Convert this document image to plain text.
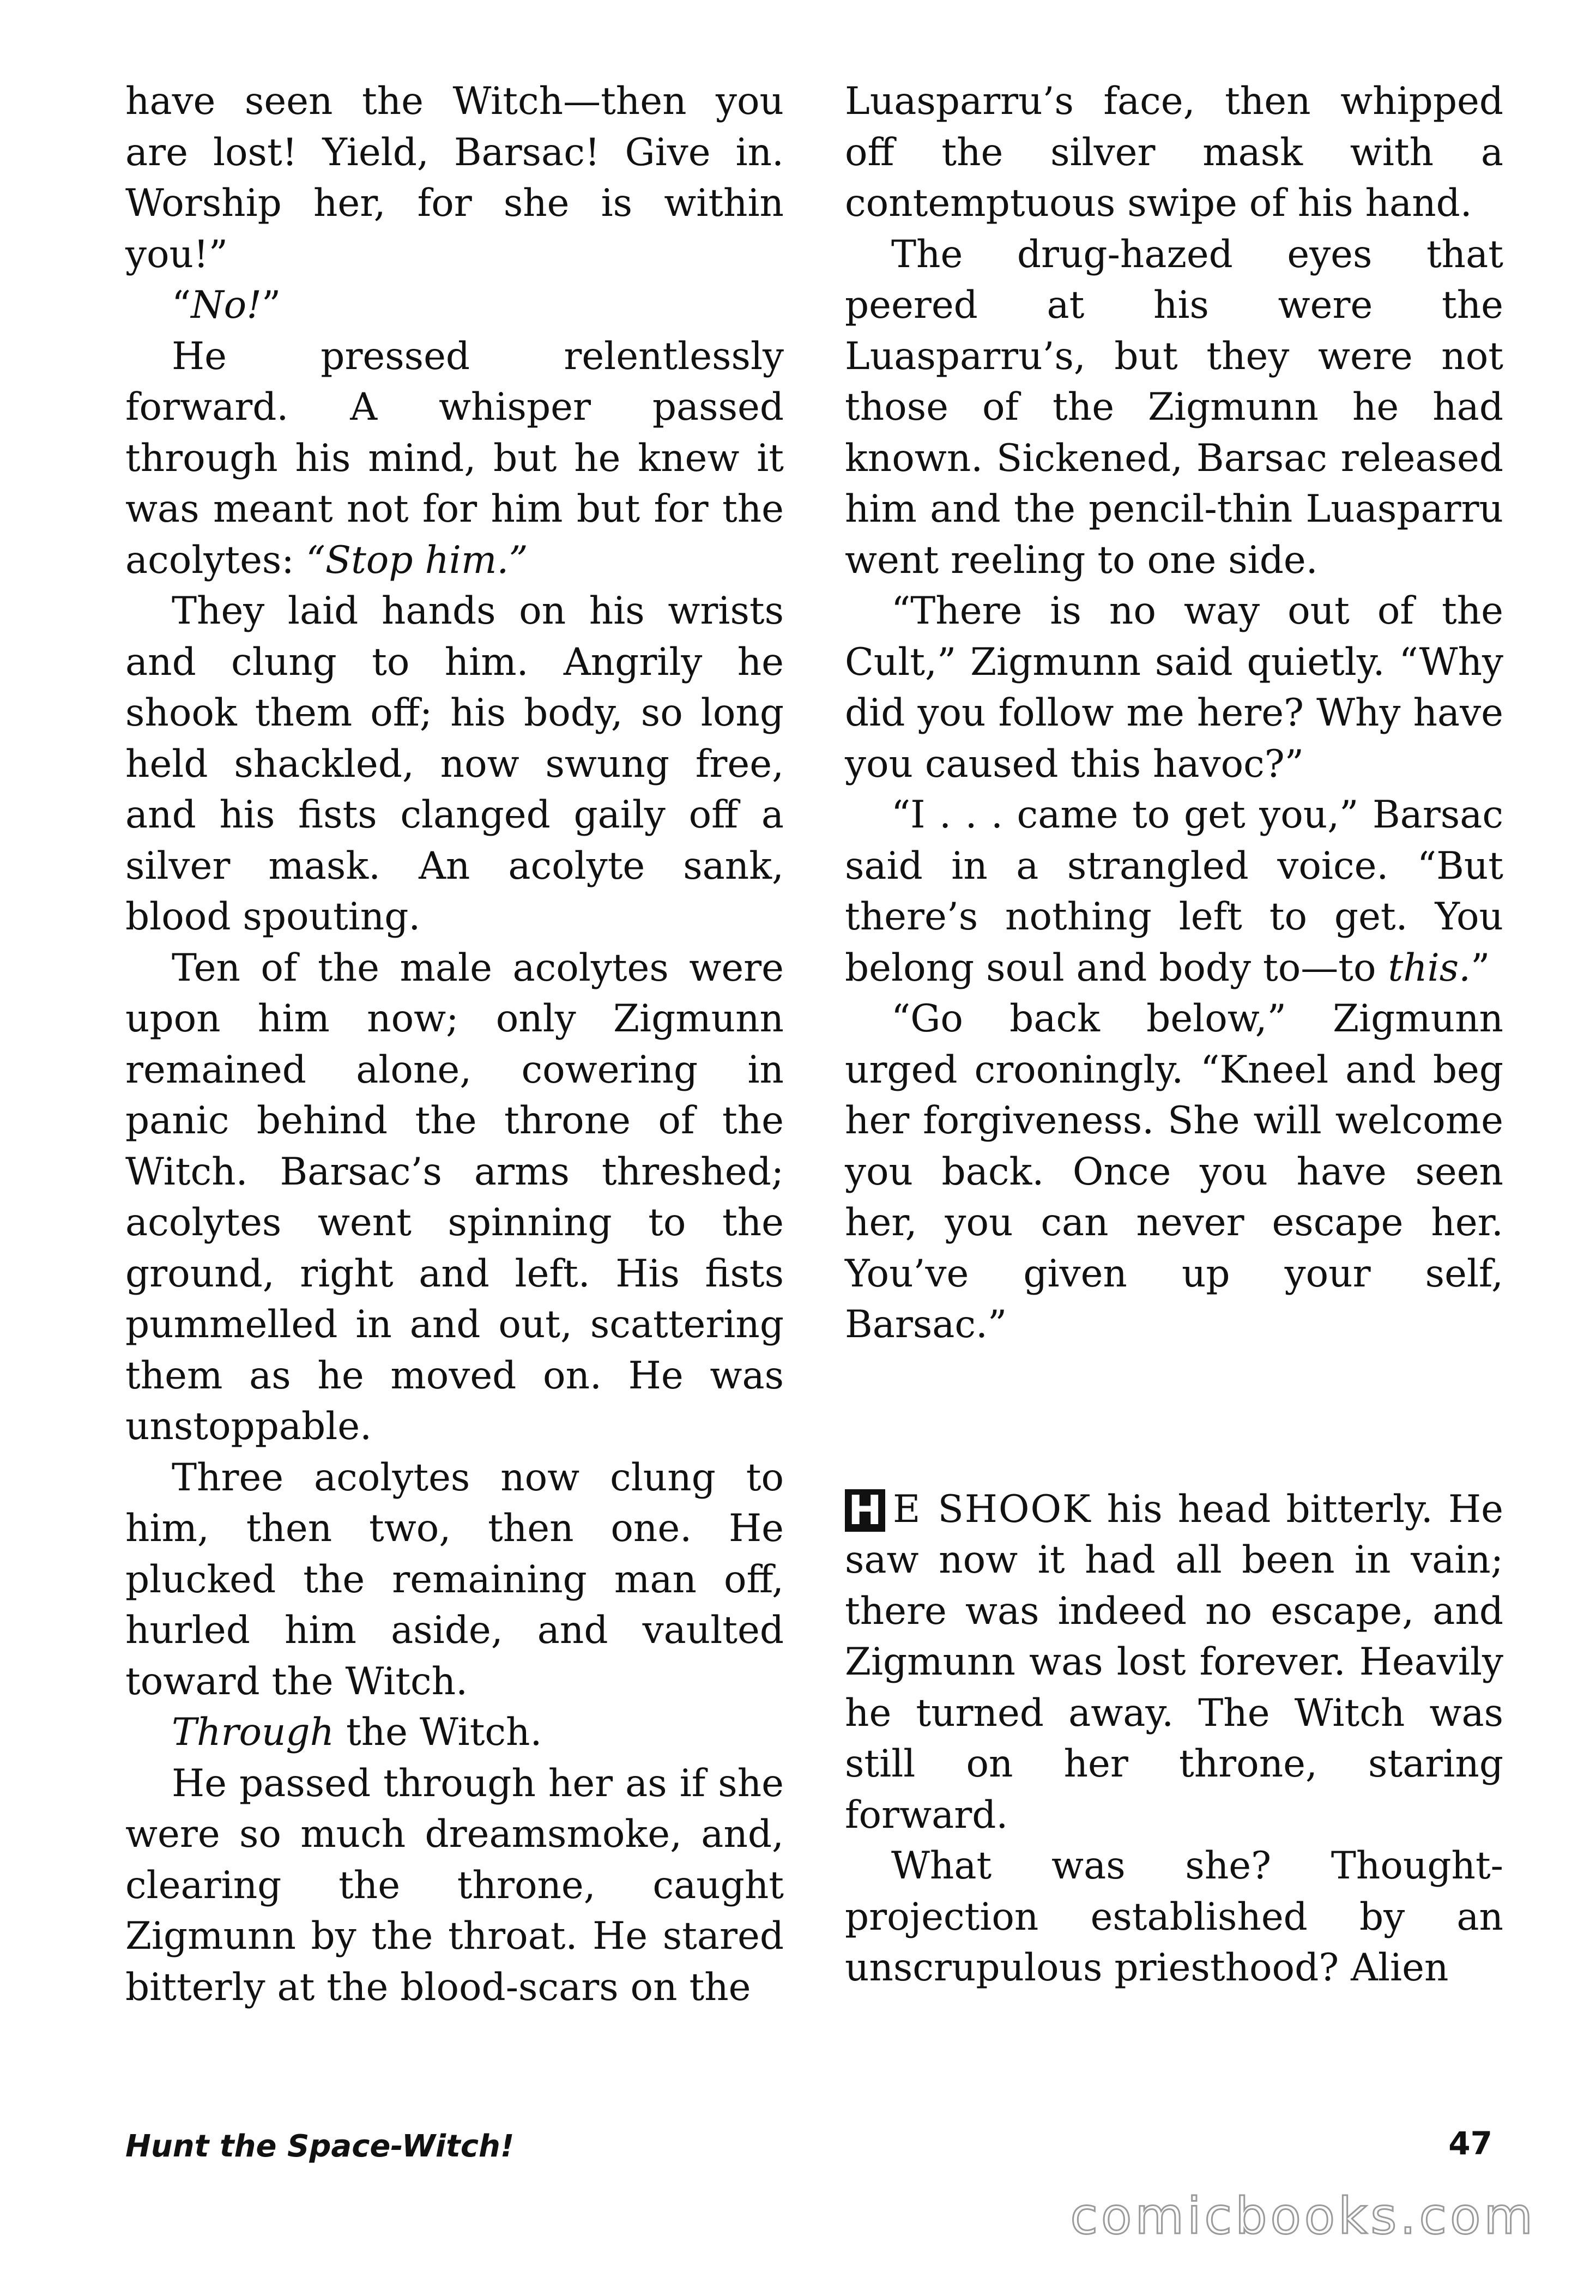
have seen the Witch—then you are lost! Yield, Barsac! Give in. Worship her, for she is within you!”

“No!”

He pressed relentlessly forward. A whisper passed through his mind, but he knew it was meant not for him but for the acolytes: “Stop him.”

They laid hands on his wrists and clung to him. Angrily he shook them off; his body, so long held shackled, now swung free, and his fists clanged gaily off a silver mask. An acolyte sank, blood spouting.

Ten of the male acolytes were upon him now; only Zigmunn remained alone, cowering in panic behind the throne of the Witch. Barsac’s arms threshed; acolytes went spinning to the ground, right and left. His fists pummelled in and out, scattering them as he moved on. He was unstoppable.

Three acolytes now clung to him, then two, then one. He plucked the remaining man off, hurled him aside, and vaulted toward the Witch.

Through the Witch.

He passed through her as if she were so much dreamsmoke, and, clearing the throne, caught Zigmunn by the throat. He stared bitterly at the blood-scars on the

Luasparru’s face, then whipped off the silver mask with a contemptuous swipe of his hand.

The drug-hazed eyes that peered at his were the Luasparru’s, but they were not those of the Zigmunn he had known. Sickened, Barsac released him and the pencil-thin Luasparru went reeling to one side.

“There is no way out of the Cult,” Zigmunn said quietly. “Why did you follow me here? Why have you caused this havoc?”

“I . . . came to get you,” Barsac said in a strangled voice. “But there’s nothing left to get. You belong soul and body to—to this.”

“Go back below,” Zigmunn urged crooningly. “Kneel and beg her forgiveness. She will welcome you back. Once you have seen her, you can never escape her. You’ve given up your self, Barsac.”

H E SHOOK his head bitterly. He saw now it had all been in vain; there was indeed no escape, and Zigmunn was lost forever. Heavily he turned away. The Witch was still on her throne, staring forward.

What was she? Thought-projection established by an unscrupulous priesthood? Alien

Hunt the Space-Witch!	47
comicbooks.com
